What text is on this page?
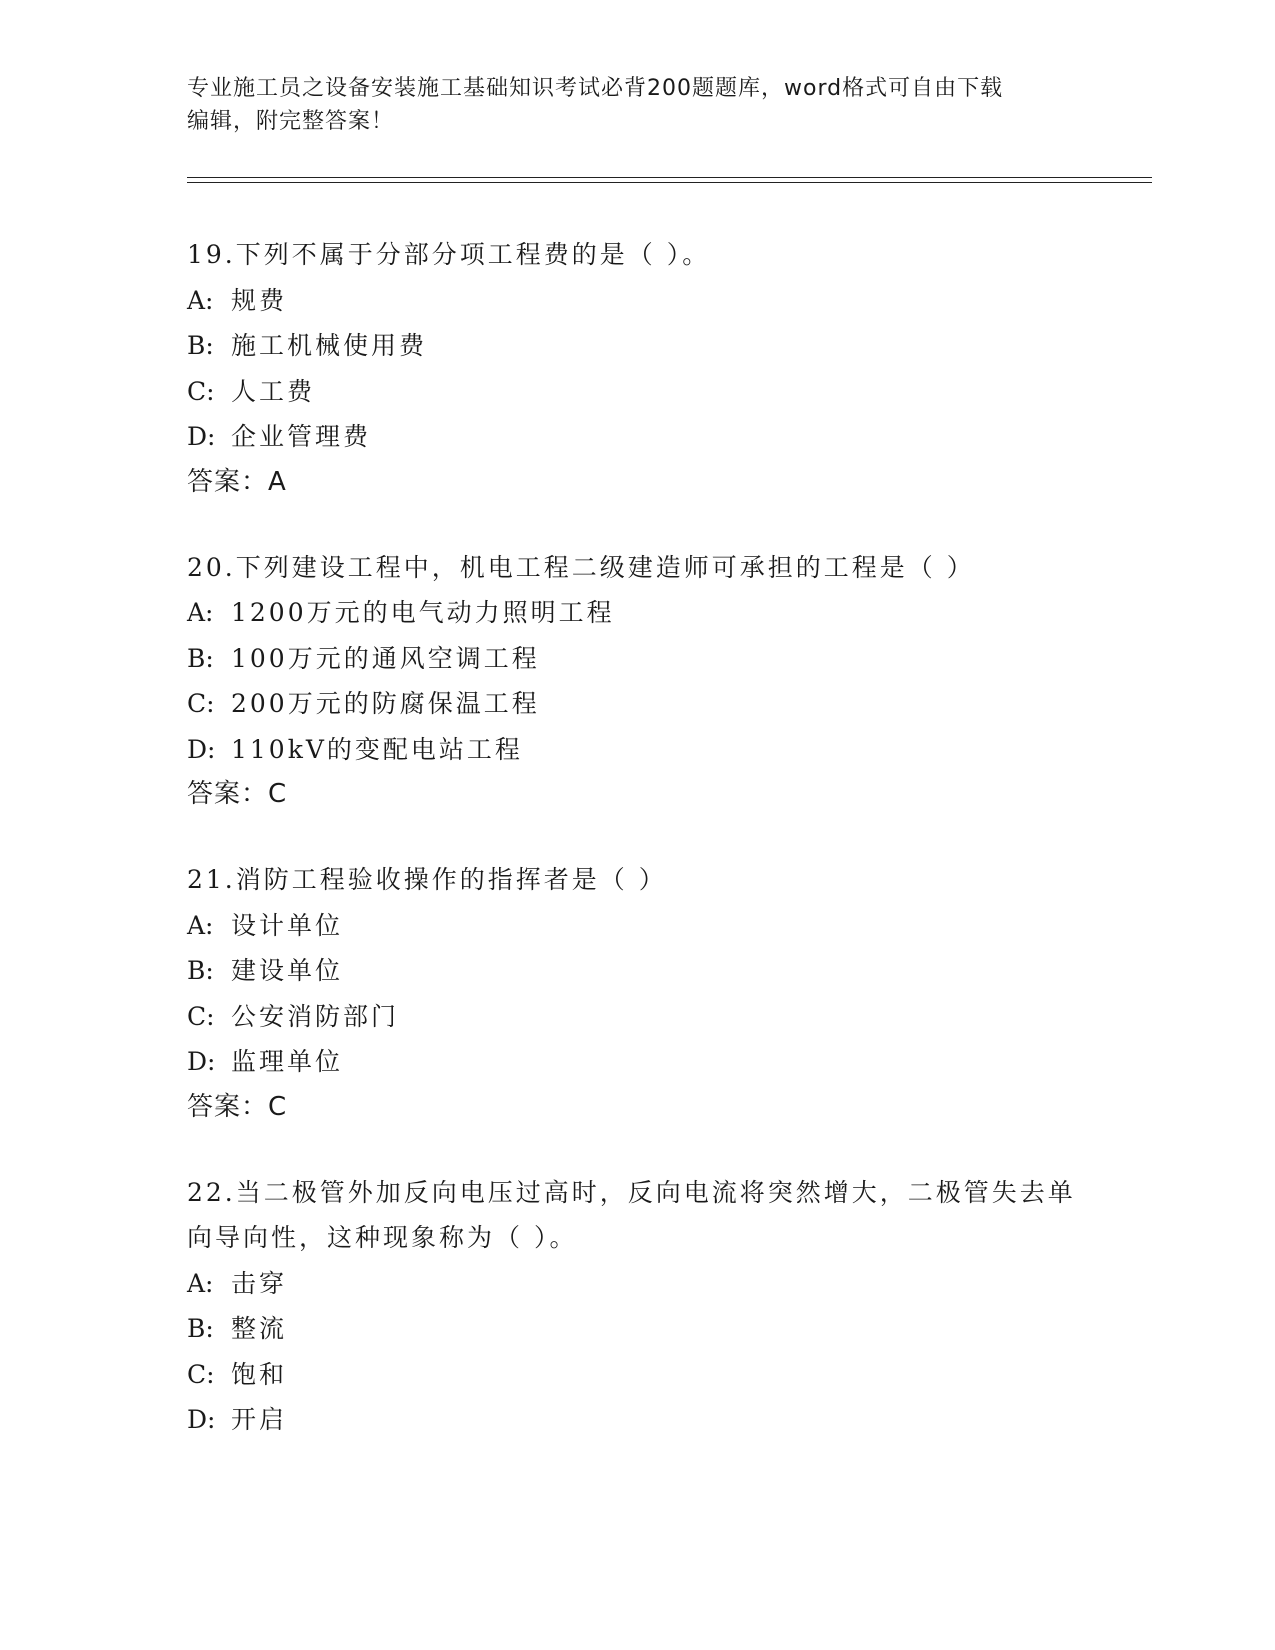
专业施工员之设备安装施工基础知识考试必背200题题库，word格式可自由下载
编辑，附完整答案！
19.下列不属于分部分项工程费的是（ ）。
A: 规费
B: 施工机械使用费
C: 人工费
D: 企业管理费
答案：A
20.下列建设工程中，机电工程二级建造师可承担的工程是（ ）
A: 1200万元的电气动力照明工程
B: 100万元的通风空调工程
C: 200万元的防腐保温工程
D: 110kV的变配电站工程
答案：C
21.消防工程验收操作的指挥者是（ ）
A: 设计单位
B: 建设单位
C: 公安消防部门
D: 监理单位
答案：C
22.当二极管外加反向电压过高时，反向电流将突然增大，二极管失去单向导向性，这种现象称为（ ）。
A: 击穿
B: 整流
C: 饱和
D: 开启
